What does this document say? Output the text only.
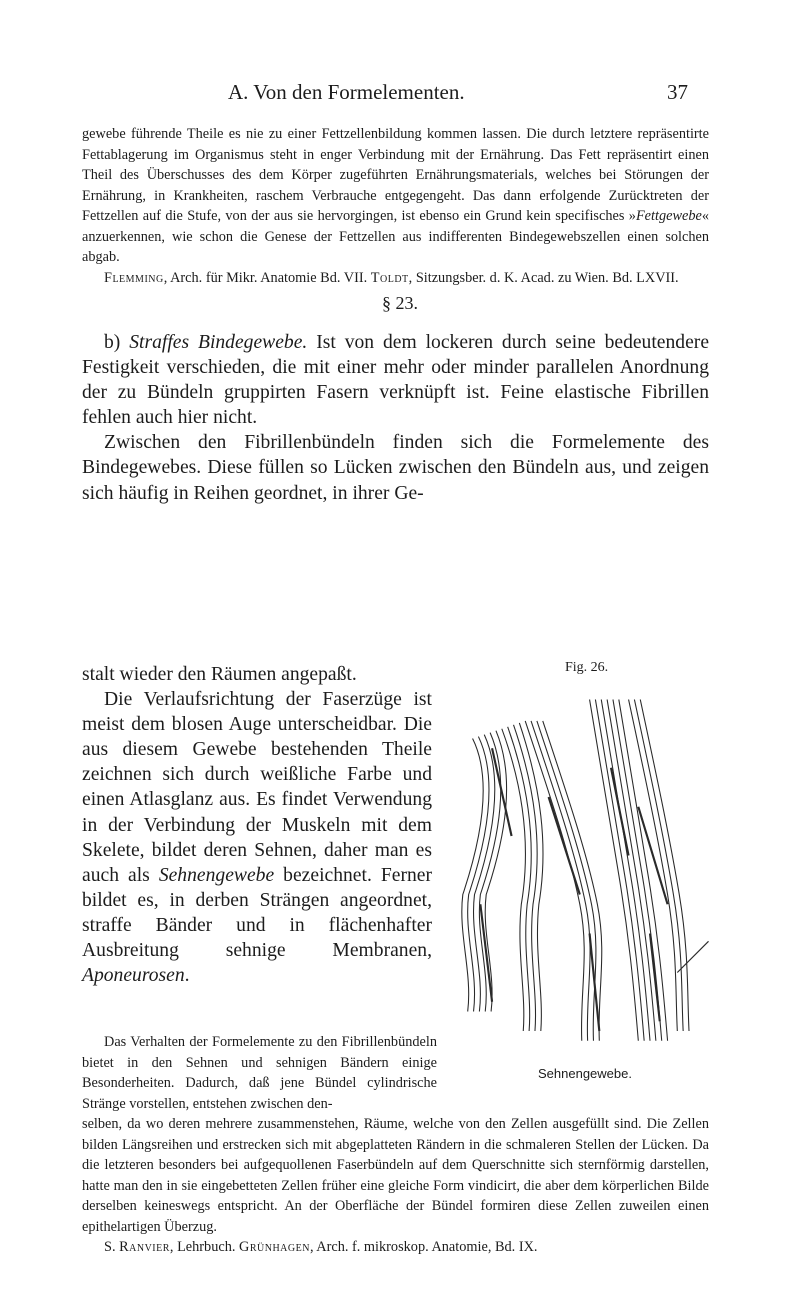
A. Von den Formelementen.	37

gewebe führende Theile es nie zu einer Fettzellenbildung kommen lassen. Die durch letztere repräsentirte Fettablagerung im Organismus steht in enger Verbindung mit der Ernährung. Das Fett repräsentirt einen Theil des Überschusses des dem Körper zugeführten Ernährungsmaterials, welches bei Störungen der Ernährung, in Krankheiten, raschem Verbrauche entgegengeht. Das dann erfolgende Zurücktreten der Fettzellen auf die Stufe, von der aus sie hervorgingen, ist ebenso ein Grund kein specifisches »Fettgewebe« anzuerkennen, wie schon die Genese der Fettzellen aus indifferenten Bindegewebszellen einen solchen abgab.

Flemming, Arch. für Mikr. Anatomie Bd. VII. Toldt, Sitzungsber. d. K. Acad. zu Wien. Bd. LXVII.

§ 23.

b) Straffes Bindegewebe. Ist von dem lockeren durch seine bedeutendere Festigkeit verschieden, die mit einer mehr oder minder parallelen Anordnung der zu Bündeln gruppirten Fasern verknüpft ist. Feine elastische Fibrillen fehlen auch hier nicht.

Zwischen den Fibrillenbündeln finden sich die Formelemente des Bindegewebes. Diese füllen so Lücken zwischen den Bündeln aus, und zeigen sich häufig in Reihen geordnet, in ihrer Ge-

stalt wieder den Räumen angepaßt.

Die Verlaufsrichtung der Faserzüge ist meist dem blosen Auge unterscheidbar. Die aus diesem Gewebe bestehenden Theile zeichnen sich durch weißliche Farbe und einen Atlasglanz aus. Es findet Verwendung in der Verbindung der Muskeln mit dem Skelete, bildet deren Sehnen, daher man es auch als Sehnengewebe bezeichnet. Ferner bildet es, in derben Strängen angeordnet, straffe Bänder und in flächenhafter Ausbreitung sehnige Membranen, Aponeurosen.

Das Verhalten der Formelemente zu den Fibrillenbündeln bietet in den Sehnen und sehnigen Bändern einige Besonderheiten. Dadurch, daß jene Bündel cylindrische Stränge vorstellen, entstehen zwischen den-

selben, da wo deren mehrere zusammenstehen, Räume, welche von den Zellen ausgefüllt sind. Die Zellen bilden Längsreihen und erstrecken sich mit abgeplatteten Rändern in die schmaleren Stellen der Lücken. Da die letzteren besonders bei aufgequollenen Faserbündeln auf dem Querschnitte sich sternförmig darstellen, hatte man den in sie eingebetteten Zellen früher eine gleiche Form vindicirt, die aber dem körperlichen Bilde derselben keineswegs entspricht. An der Oberfläche der Bündel formiren diese Zellen zuweilen einen epithelartigen Überzug.

S. Ranvier, Lehrbuch. Grünhagen, Arch. f. mikroskop. Anatomie, Bd. IX.

Fig. 26.
Sehnengewebe.
